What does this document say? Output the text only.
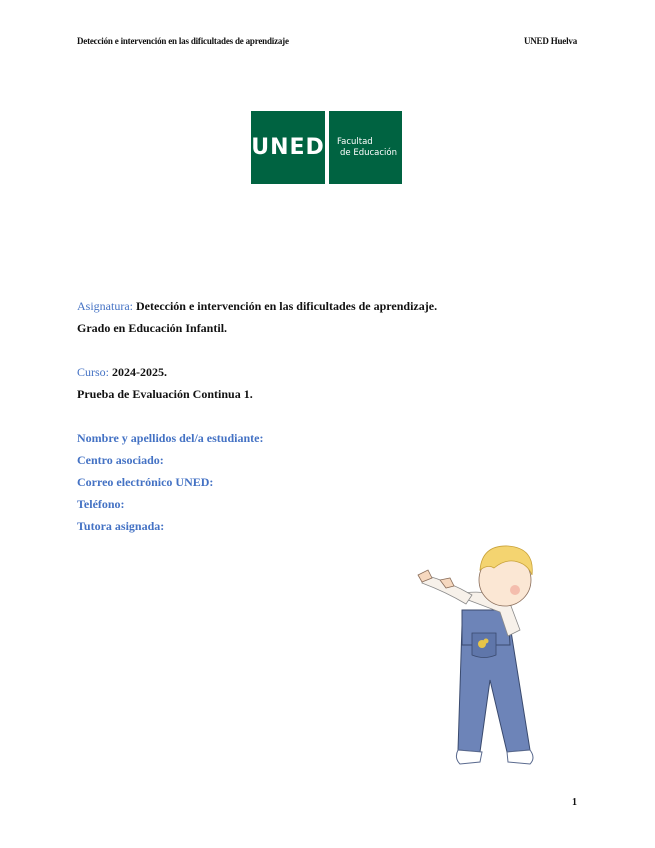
Detección e intervención en las dificultades de aprendizaje	UNED Huelva
UNED Facultad
de Educación
Asignatura: Detección e intervención en las dificultades de aprendizaje.
Grado en Educación Infantil.
Curso: 2024-2025.
Prueba de Evaluación Continua 1.
Nombre y apellidos del/a estudiante:
Centro asociado:
Correo electrónico UNED:
Teléfono:
Tutora asignada:
1
